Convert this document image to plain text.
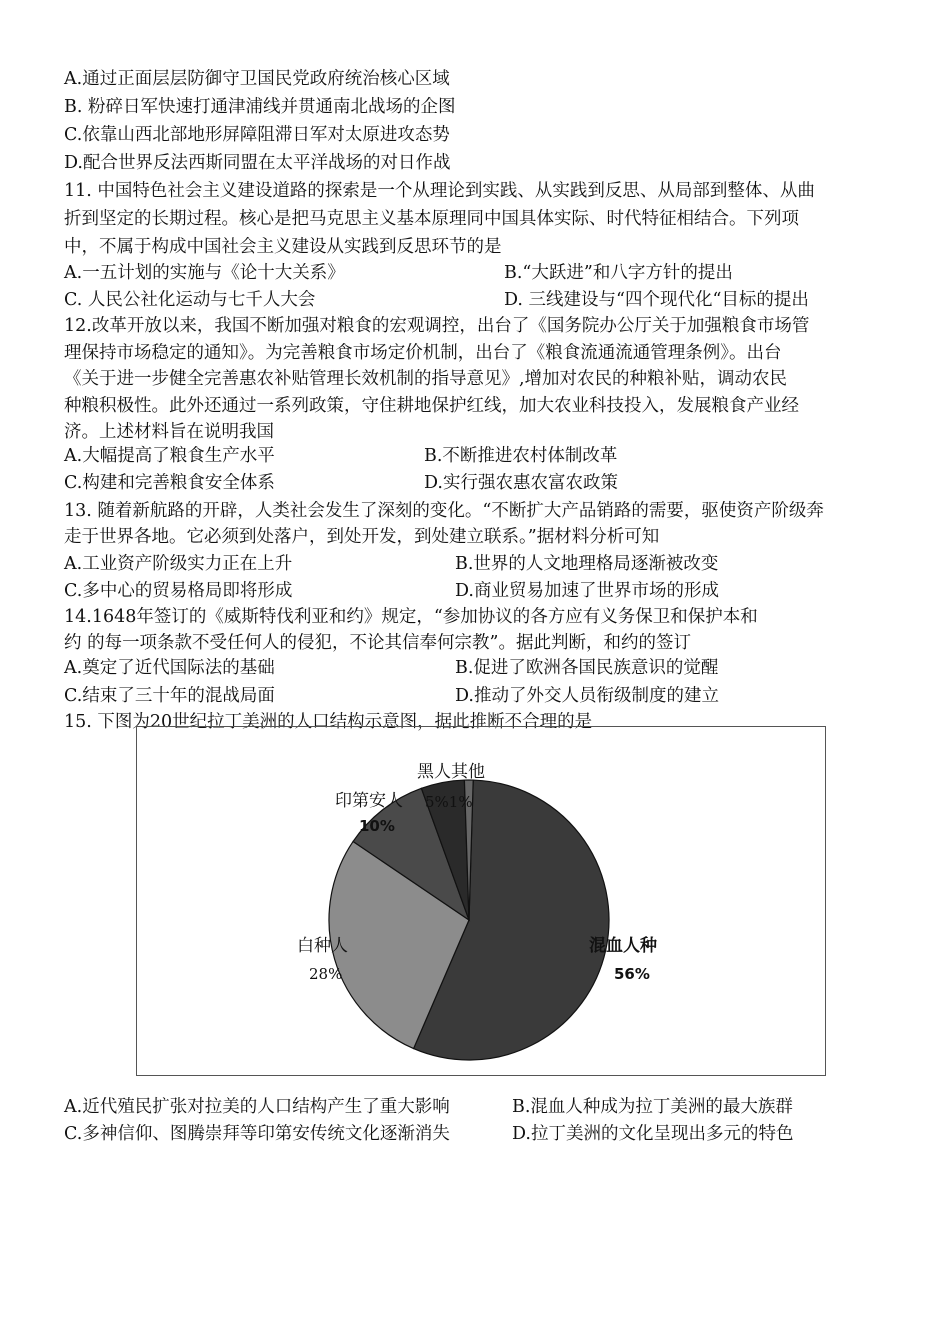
A.通过正面层层防御守卫国民党政府统治核心区域
B. 粉碎日军快速打通津浦线并贯通南北战场的企图
C.依靠山西北部地形屏障阻滞日军对太原进攻态势
D.配合世界反法西斯同盟在太平洋战场的对日作战
11. 中国特色社会主义建设道路的探索是一个从理论到实践、从实践到反思、从局部到整体、从曲
折到坚定的长期过程。核心是把马克思主义基本原理同中国具体实际、时代特征相结合。下列项
中，不属于构成中国社会主义建设从实践到反思环节的是
A.一五计划的实施与《论十大关系》	B.“大跃进”和八字方针的提出
C. 人民公社化运动与七千人大会	D. 三线建设与“四个现代化“目标的提出
12.改革开放以来，我国不断加强对粮食的宏观调控，出台了《国务院办公厅关于加强粮食市场管
理保持市场稳定的通知》。为完善粮食市场定价机制，出台了《粮食流通流通管理条例》。出台
《关于进一步健全完善惠农补贴管理长效机制的指导意见》,增加对农民的种粮补贴，调动农民
种粮积极性。此外还通过一系列政策，守住耕地保护红线，加大农业科技投入，发展粮食产业经
济。上述材料旨在说明我国
A.大幅提高了粮食生产水平	B.不断推进农村体制改革
C.构建和完善粮食安全体系	D.实行强农惠农富农政策
13. 随着新航路的开辟，人类社会发生了深刻的变化。“不断扩大产品销路的需要，驱使资产阶级奔
走于世界各地。它必须到处落户，到处开发，到处建立联系。”据材料分析可知
A.工业资产阶级实力正在上升	B.世界的人文地理格局逐渐被改变
C.多中心的贸易格局即将形成	D.商业贸易加速了世界市场的形成
14.1648年签订的《威斯特伐利亚和约》规定，“参加协议的各方应有义务保卫和保护本和
约 的每一项条款不受任何人的侵犯，不论其信奉何宗教”。据此判断，和约的签订
A.奠定了近代国际法的基础	B.促进了欧洲各国民族意识的觉醒
C.结束了三十年的混战局面	D.推动了外交人员衔级制度的建立
15. 下图为20世纪拉丁美洲的人口结构示意图，据此推断不合理的是
黑人其他
印第安人 5%1%
10%
白种人
28%
混血人种
56%
A.近代殖民扩张对拉美的人口结构产生了重大影响	B.混血人种成为拉丁美洲的最大族群
C.多神信仰、图腾崇拜等印第安传统文化逐渐消失	D.拉丁美洲的文化呈现出多元的特色
